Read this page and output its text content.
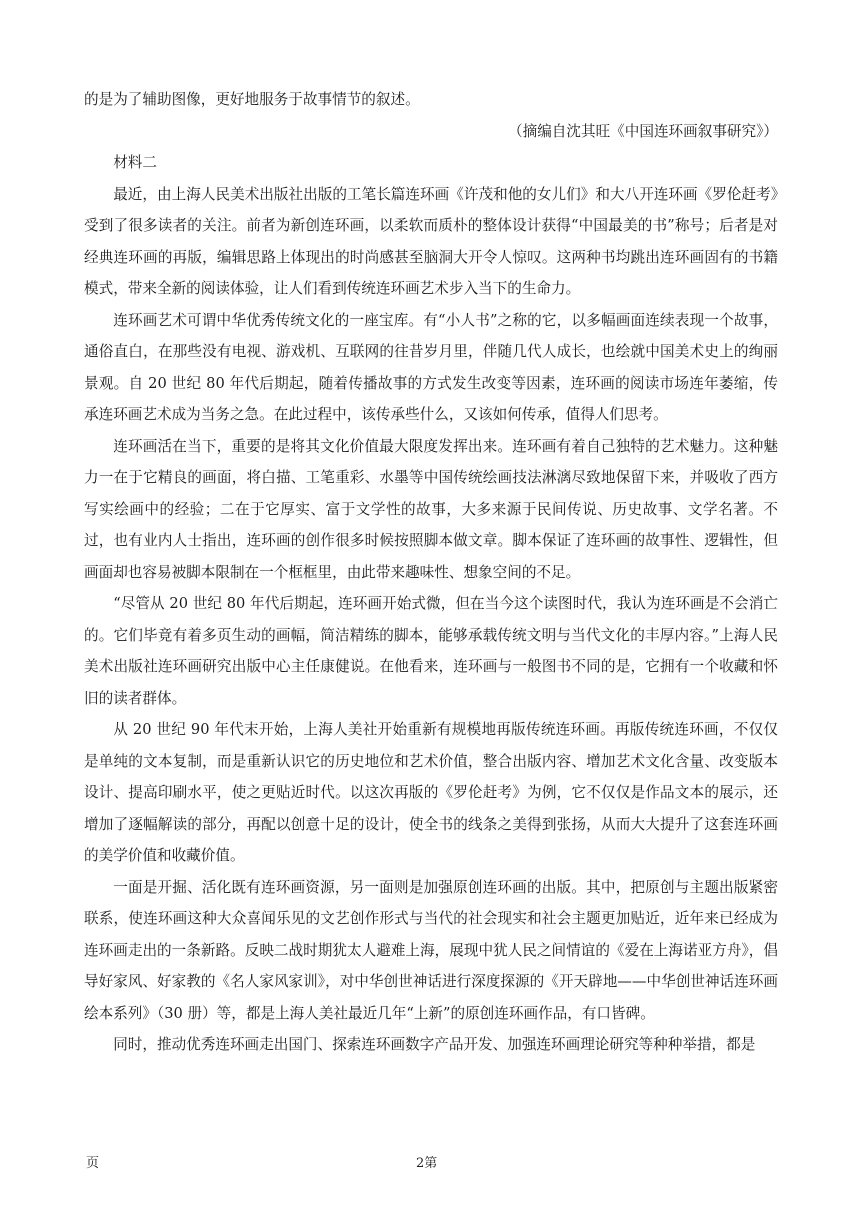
的是为了辅助图像，更好地服务于故事情节的叙述。

（摘编自沈其旺《中国连环画叙事研究》）

材料二

最近，由上海人民美术出版社出版的工笔长篇连环画《许茂和他的女儿们》和大八开连环画《罗伦赶考》受到了很多读者的关注。前者为新创连环画，以柔软而质朴的整体设计获得“中国最美的书”称号；后者是对经典连环画的再版，编辑思路上体现出的时尚感甚至脑洞大开令人惊叹。这两种书均跳出连环画固有的书籍模式，带来全新的阅读体验，让人们看到传统连环画艺术步入当下的生命力。

连环画艺术可谓中华优秀传统文化的一座宝库。有“小人书”之称的它，以多幅画面连续表现一个故事，通俗直白，在那些没有电视、游戏机、互联网的往昔岁月里，伴随几代人成长，也绘就中国美术史上的绚丽景观。自 20 世纪 80 年代后期起，随着传播故事的方式发生改变等因素，连环画的阅读市场连年萎缩，传承连环画艺术成为当务之急。在此过程中，该传承些什么，又该如何传承，值得人们思考。

连环画活在当下，重要的是将其文化价值最大限度发挥出来。连环画有着自己独特的艺术魅力。这种魅力一在于它精良的画面，将白描、工笔重彩、水墨等中国传统绘画技法淋漓尽致地保留下来，并吸收了西方写实绘画中的经验；二在于它厚实、富于文学性的故事，大多来源于民间传说、历史故事、文学名著。不过，也有业内人士指出，连环画的创作很多时候按照脚本做文章。脚本保证了连环画的故事性、逻辑性，但画面却也容易被脚本限制在一个框框里，由此带来趣味性、想象空间的不足。

“尽管从 20 世纪 80 年代后期起，连环画开始式微，但在当今这个读图时代，我认为连环画是不会消亡的。它们毕竟有着多页生动的画幅，简洁精练的脚本，能够承载传统文明与当代文化的丰厚内容。”上海人民美术出版社连环画研究出版中心主任康健说。在他看来，连环画与一般图书不同的是，它拥有一个收藏和怀旧的读者群体。

从 20 世纪 90 年代末开始，上海人美社开始重新有规模地再版传统连环画。再版传统连环画，不仅仅是单纯的文本复制，而是重新认识它的历史地位和艺术价值，整合出版内容、增加艺术文化含量、改变版本设计、提高印刷水平，使之更贴近时代。以这次再版的《罗伦赶考》为例，它不仅仅是作品文本的展示，还增加了逐幅解读的部分，再配以创意十足的设计，使全书的线条之美得到张扬，从而大大提升了这套连环画的美学价值和收藏价值。

一面是开掘、活化既有连环画资源，另一面则是加强原创连环画的出版。其中，把原创与主题出版紧密联系，使连环画这种大众喜闻乐见的文艺创作形式与当代的社会现实和社会主题更加贴近，近年来已经成为连环画走出的一条新路。反映二战时期犹太人避难上海，展现中犹人民之间情谊的《爱在上海诺亚方舟》，倡导好家风、好家教的《名人家风家训》，对中华创世神话进行深度探源的《开天辟地——中华创世神话连环画绘本系列》（30 册）等，都是上海人美社最近几年“上新”的原创连环画作品，有口皆碑。

同时，推动优秀连环画走出国门、探索连环画数字产品开发、加强连环画理论研究等种种举措，都是

页	2第
